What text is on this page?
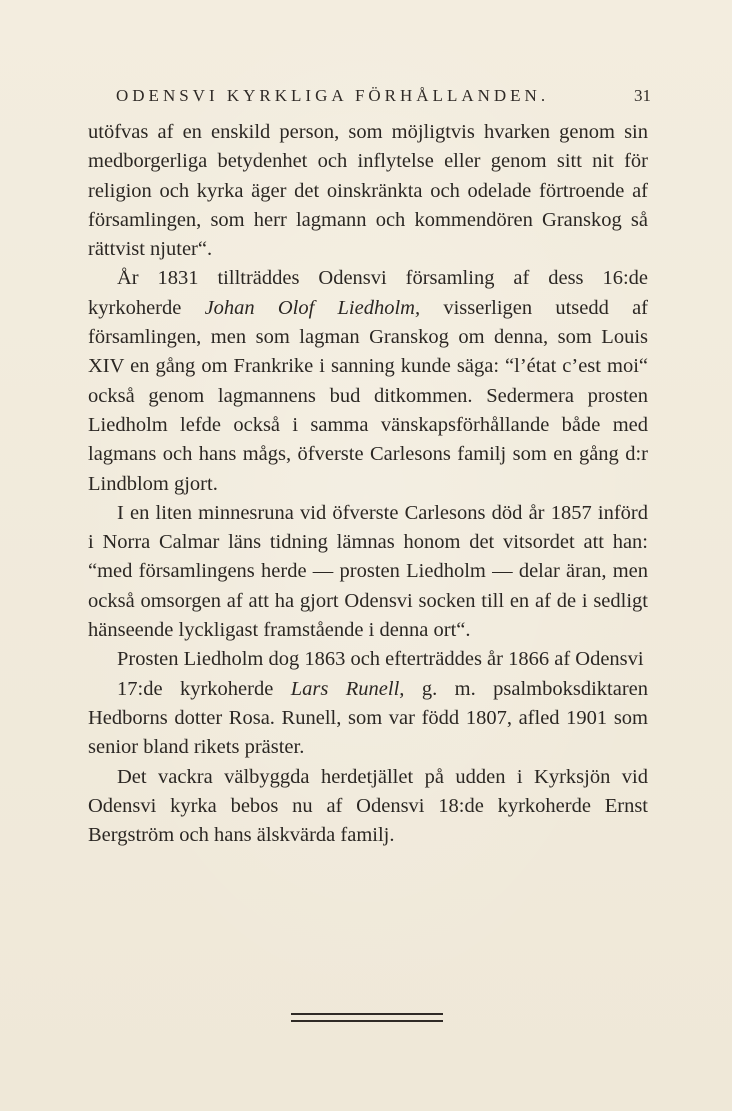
ODENSVI KYRKLIGA FÖRHÅLLANDEN.	31

utöfvas af en enskild person, som möjligtvis hvarken genom sin medborgerliga betydenhet och inflytelse eller genom sitt nit för religion och kyrka äger det oinskränkta och odelade förtroende af församlingen, som herr lagmann och kommendören Granskog så rättvist njuter“.

År 1831 tillträddes Odensvi församling af dess 16:de kyrkoherde Johan Olof Liedholm, visserligen utsedd af församlingen, men som lagman Granskog om denna, som Louis XIV en gång om Frankrike i sanning kunde säga: “l’état c’est moi“ också genom lagmannens bud ditkommen. Sedermera prosten Liedholm lefde också i samma vänskapsförhållande både med lagmans och hans mågs, öfverste Carlesons familj som en gång d:r Lindblom gjort.

I en liten minnesruna vid öfverste Carlesons död år 1857 införd i Norra Calmar läns tidning lämnas honom det vitsordet att han: “med församlingens herde — prosten Liedholm — delar äran, men också omsorgen af att ha gjort Odensvi socken till en af de i sedligt hänseende lyckligast framstående i denna ort“.

Prosten Liedholm dog 1863 och efterträddes år 1866 af Odensvi

17:de kyrkoherde Lars Runell, g. m. psalmboksdiktaren Hedborns dotter Rosa. Runell, som var född 1807, afled 1901 som senior bland rikets präster.

Det vackra välbyggda herdetjället på udden i Kyrksjön vid Odensvi kyrka bebos nu af Odensvi 18:de kyrkoherde Ernst Bergström och hans älskvärda familj.
